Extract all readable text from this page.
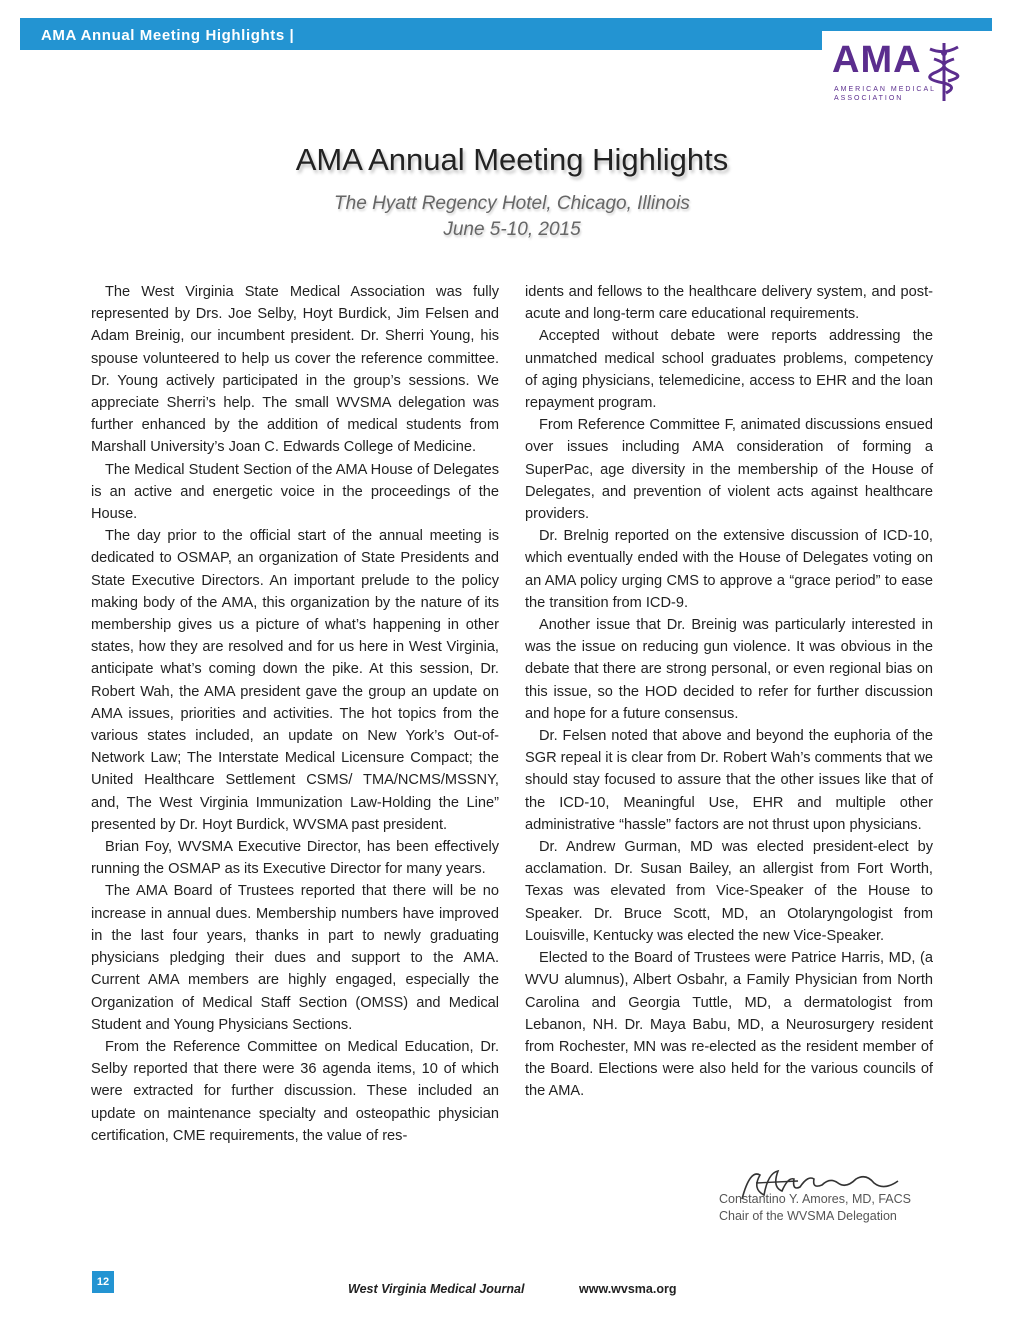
AMA Annual Meeting Highlights |
AMA
AMERICAN MEDICAL ASSOCIATION
AMA Annual Meeting Highlights
The Hyatt Regency Hotel, Chicago, Illinois
June 5-10, 2015

The West Virginia State Medical Association was fully represented by Drs. Joe Selby, Hoyt Burdick, Jim Felsen and Adam Breinig, our incumbent president. Dr. Sherri Young, his spouse volunteered to help us cover the reference committee. Dr. Young actively participated in the group’s sessions. We appreciate Sherri’s help. The small WVSMA delegation was further enhanced by the addition of medical students from Marshall University’s Joan C. Edwards College of Medicine.

The Medical Student Section of the AMA House of Delegates is an active and energetic voice in the proceedings of the House.

The day prior to the official start of the annual meeting is dedicated to OSMAP, an organization of State Presidents and State Executive Directors. An important prelude to the policy making body of the AMA, this organization by the nature of its membership gives us a picture of what’s happening in other states, how they are resolved and for us here in West Virginia, anticipate what’s coming down the pike. At this session, Dr. Robert Wah, the AMA president gave the group an update on AMA issues, priorities and activities. The hot topics from the various states included, an update on New York’s Out-of-Network Law; The Interstate Medical Licensure Compact; the United Healthcare Settlement CSMS/ TMA/NCMS/MSSNY, and, The West Virginia Immunization Law-Holding the Line” presented by Dr. Hoyt Burdick, WVSMA past president.

Brian Foy, WVSMA Executive Director, has been effectively running the OSMAP as its Executive Director for many years.

The AMA Board of Trustees reported that there will be no increase in annual dues. Membership numbers have improved in the last four years, thanks in part to newly graduating physicians pledging their dues and support to the AMA. Current AMA members are highly engaged, especially the Organization of Medical Staff Section (OMSS) and Medical Student and Young Physicians Sections.

From the Reference Committee on Medical Education, Dr. Selby reported that there were 36 agenda items, 10 of which were extracted for further discussion. These included an update on maintenance specialty and osteopathic physician certification, CME requirements, the value of res-

idents and fellows to the healthcare delivery system, and post-acute and long-term care educational requirements.

Accepted without debate were reports addressing the unmatched medical school graduates problems, competency of aging physicians, telemedicine, access to EHR and the loan repayment program.

From Reference Committee F, animated discussions ensued over issues including AMA consideration of forming a SuperPac, age diversity in the membership of the House of Delegates, and prevention of violent acts against healthcare providers.

Dr. Brelnig reported on the extensive discussion of ICD-10, which eventually ended with the House of Delegates voting on an AMA policy urging CMS to approve a “grace period” to ease the transition from ICD-9.

Another issue that Dr. Breinig was particularly interested in was the issue on reducing gun violence. It was obvious in the debate that there are strong personal, or even regional bias on this issue, so the HOD decided to refer for further discussion and hope for a future consensus.

Dr. Felsen noted that above and beyond the euphoria of the SGR repeal it is clear from Dr. Robert Wah’s comments that we should stay focused to assure that the other issues like that of the ICD-10, Meaningful Use, EHR and multiple other administrative “hassle” factors are not thrust upon physicians.

Dr. Andrew Gurman, MD was elected president-elect by acclamation. Dr. Susan Bailey, an allergist from Fort Worth, Texas was elevated from Vice-Speaker of the House to Speaker. Dr. Bruce Scott, MD, an Otolaryngologist from Louisville, Kentucky was elected the new Vice-Speaker.

Elected to the Board of Trustees were Patrice Harris, MD, (a WVU alumnus), Albert Osbahr, a Family Physician from North Carolina and Georgia Tuttle, MD, a dermatologist from Lebanon, NH. Dr. Maya Babu, MD, a Neurosurgery resident from Rochester, MN was re-elected as the resident member of the Board. Elections were also held for the various councils of the AMA.

Constantino Y. Amores, MD, FACS
Chair of the WVSMA Delegation
12	West Virginia Medical Journal	www.wvsma.org
